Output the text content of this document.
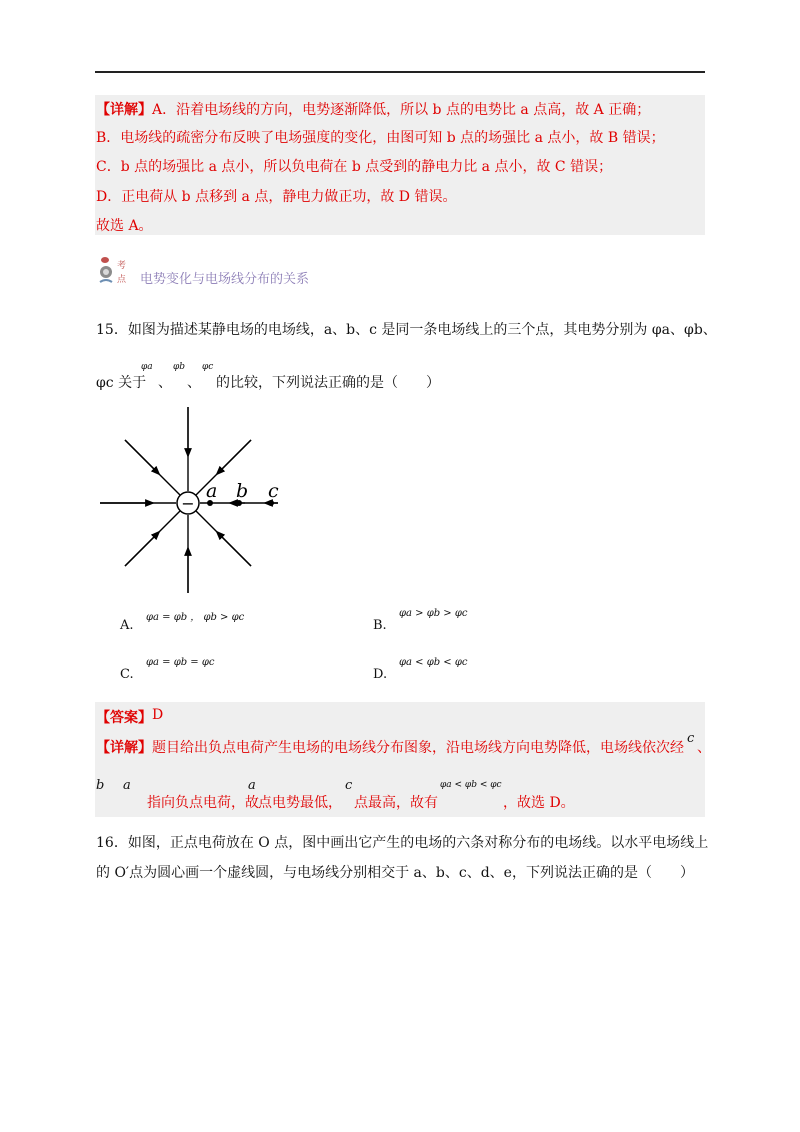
【详解】 A．沿着电场线的方向，电势逐渐降低，所以 b 点的电势比 a 点高，故 A 正确；
B．电场线的疏密分布反映了电场强度的变化，由图可知 b 点的场强比 a 点小，故 B 错误；
C．b 点的场强比 a 点小，所以负电荷在 b 点受到的静电力比 a 点小，故 C 错误；
D．正电荷从 b 点移到 a 点，静电力做正功，故 D 错误。
故选 A。
考
点 电势变化与电场线分布的关系
15．如图为描述某静电场的电场线，a、b、c 是同一条电场线上的三个点，其电势分别为 φa、φb、
φc 关于
φa
、
φb
、
φc
的比较，下列说法正确的是（　　）
−
a b c
A.
φa = φb ， φb > φc
B.
φa > φb > φc
C.
φa = φb = φc
D.
φa < φb < φc
【答案】 D
【详解】 题目给出负点电荷产生电场的电场线分布图象，沿电场线方向电势降低，电场线依次经
c
、
b a
指向负点电荷，故
a
点电势最低，
c
点最高，故有
φa < φb < φc
，故选 D。
16．如图，正点电荷放在 O 点，图中画出它产生的电场的六条对称分布的电场线。以水平电场线上
的 O′点为圆心画一个虚线圆，与电场线分别相交于 a、b、c、d、e，下列说法正确的是（　　）
